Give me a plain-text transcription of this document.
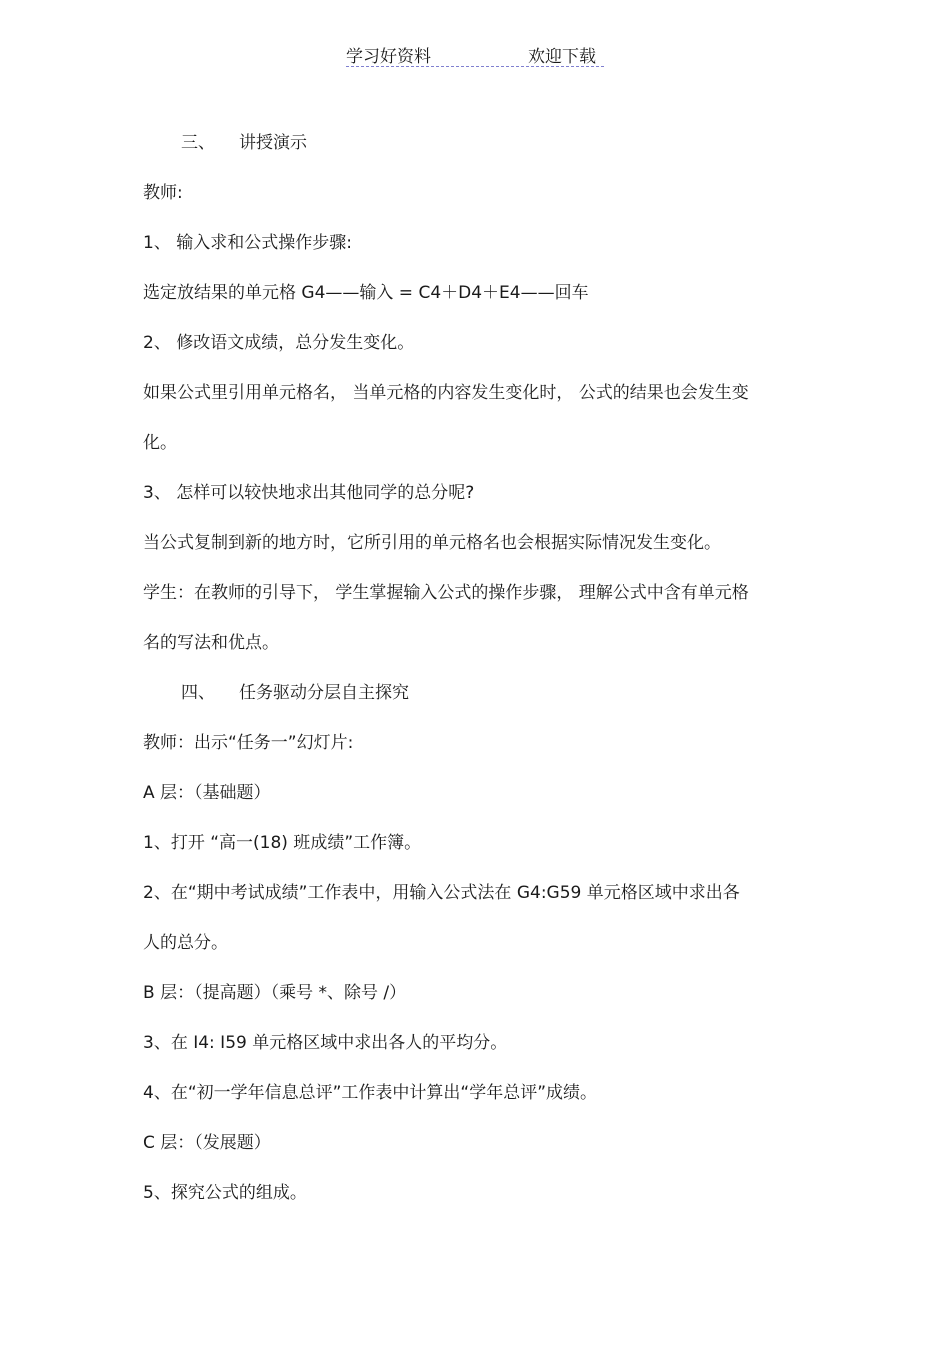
学习好资料	欢迎下载
三、 讲授演示
教师:
1、 输入求和公式操作步骤:
选定放结果的单元格 G4——输入 = C4＋D4＋E4——回车
2、 修改语文成绩，总分发生变化。
如果公式里引用单元格名， 当单元格的内容发生变化时， 公式的结果也会发生变
化。
3、 怎样可以较快地求出其他同学的总分呢?
当公式复制到新的地方时，它所引用的单元格名也会根据实际情况发生变化。
学生：在教师的引导下， 学生掌握输入公式的操作步骤， 理解公式中含有单元格
名的写法和优点。
四、 任务驱动分层自主探究
教师：出示“任务一”幻灯片:
A 层：（基础题）
1、打开 “高一(18) 班成绩”工作簿。
2、在“期中考试成绩”工作表中，用输入公式法在 G4:G59 单元格区域中求出各
人的总分。
B 层：（提高题）（乘号 *、除号 /）
3、在 I4: I59 单元格区域中求出各人的平均分。
4、在“初一学年信息总评”工作表中计算出“学年总评”成绩。
C 层：（发展题）
5、探究公式的组成。
